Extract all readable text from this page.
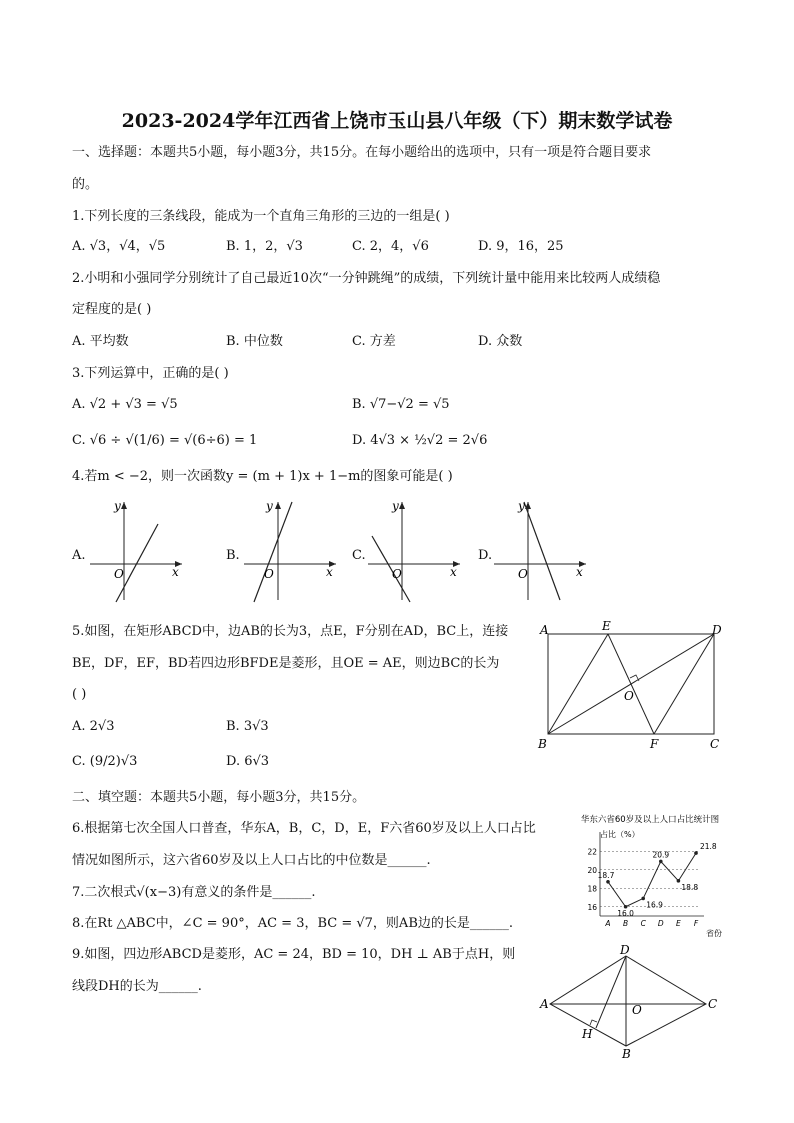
2023-2024学年江西省上饶市玉山县八年级（下）期末数学试卷
一、选择题：本题共5小题，每小题3分，共15分。在每小题给出的选项中，只有一项是符合题目要求
的。
1.下列长度的三条线段，能成为一个直角三角形的三边的一组是( )
A. √3，√4，√5	B. 1，2，√3	C. 2，4，√6	D. 9，16，25
2.小明和小强同学分别统计了自己最近10次“一分钟跳绳”的成绩，下列统计量中能用来比较两人成绩稳
定程度的是( )
A. 平均数	B. 中位数	C. 方差	D. 众数
3.下列运算中，正确的是( )
A. √2 + √3 = √5	B. √7−√2 = √5
C. √6 ÷ √(1/6) = √(6÷6) = 1	D. 4√3 × ½√2 = 2√6
4.若m < −2，则一次函数y = (m + 1)x + 1−m的图象可能是( )
A.
O	x
y
B.
O	x
y
C.
O	x
y
D.
O	x
y
5.如图，在矩形ABCD中，边AB的长为3，点E，F分别在AD，BC上，连接
BE，DF，EF，BD若四边形BFDE是菱形，且OE = AE，则边BC的长为
( )
A. 2√3	B. 3√3
C. (9/2)√3	D. 6√3
A	E	D
O
B	F	C
二、填空题：本题共5小题，每小题3分，共15分。
6.根据第七次全国人口普查，华东A，B，C，D，E，F六省60岁及以上人口占比
情况如图所示，这六省60岁及以上人口占比的中位数是______.
华东六省60岁及以上人口占比统计图
占比（%）
省份
16
18
20
22
A B C D E F
18.7
16.0
16.9
20.9
18.8
21.8
7.二次根式√(x−3)有意义的条件是______.
8.在Rt △ABC中，∠C = 90°，AC = 3，BC = √7，则AB边的长是______.
9.如图，四边形ABCD是菱形，AC = 24，BD = 10，DH ⊥ AB于点H，则
线段DH的长为______.
D
A	O	C
H
B
